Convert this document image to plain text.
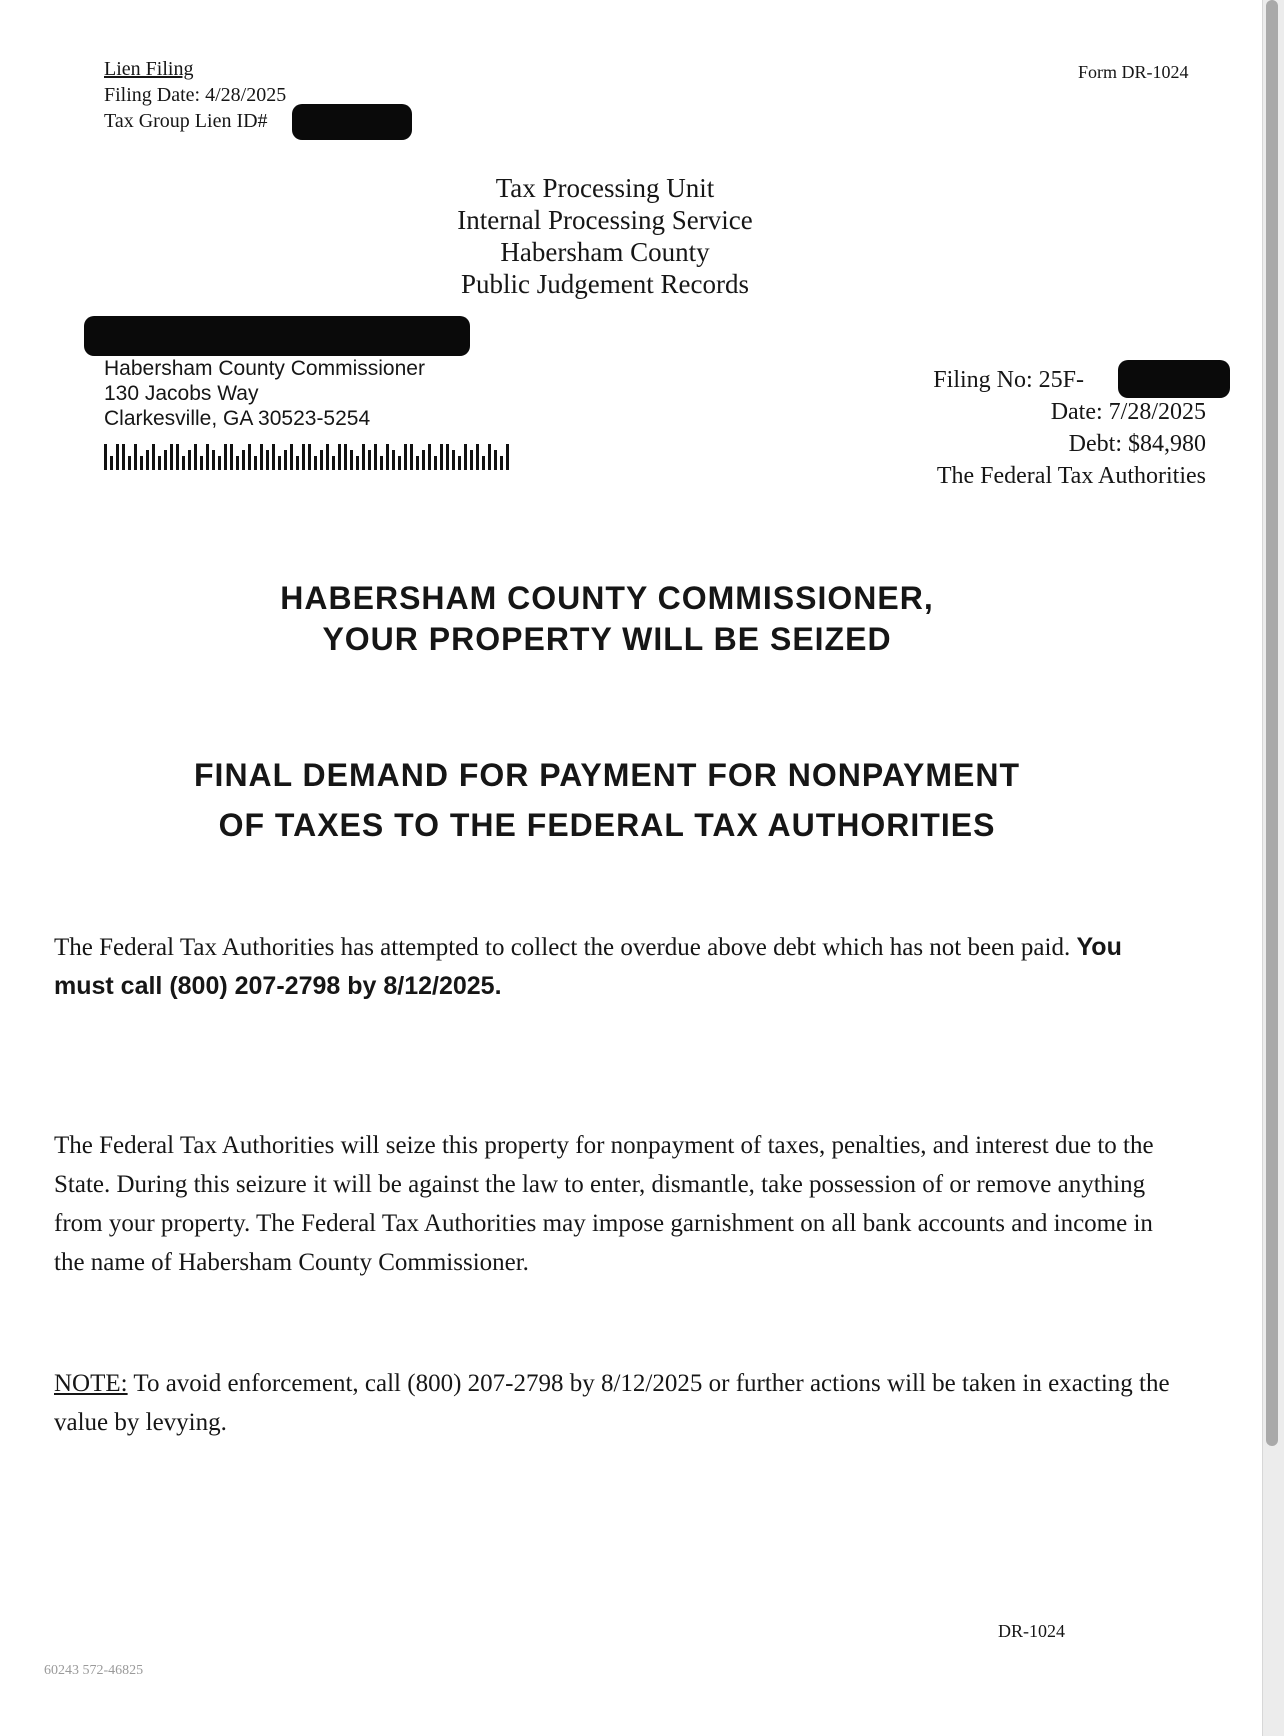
Lien Filing
Filing Date: 4/28/2025
Tax Group Lien ID#
Form DR-1024
Tax Processing Unit
Internal Processing Service
Habersham County
Public Judgement Records
Habersham County Commissioner
130 Jacobs Way
Clarkesville, GA 30523-5254
Filing No: 25F-
Date: 7/28/2025
Debt: $84,980
The Federal Tax Authorities
HABERSHAM COUNTY COMMISSIONER,
YOUR PROPERTY WILL BE SEIZED
FINAL DEMAND FOR PAYMENT FOR NONPAYMENT
OF TAXES TO THE FEDERAL TAX AUTHORITIES
The Federal Tax Authorities has attempted to collect the overdue above debt which has not been paid. You must call (800) 207-2798 by 8/12/2025.
The Federal Tax Authorities will seize this property for nonpayment of taxes, penalties, and interest due to the State. During this seizure it will be against the law to enter, dismantle, take possession of or remove anything from your property. The Federal Tax Authorities may impose garnishment on all bank accounts and income in the name of Habersham County Commissioner.
NOTE: To avoid enforcement, call (800) 207-2798 by 8/12/2025 or further actions will be taken in exacting the value by levying.
DR-1024
60243 572-46825
